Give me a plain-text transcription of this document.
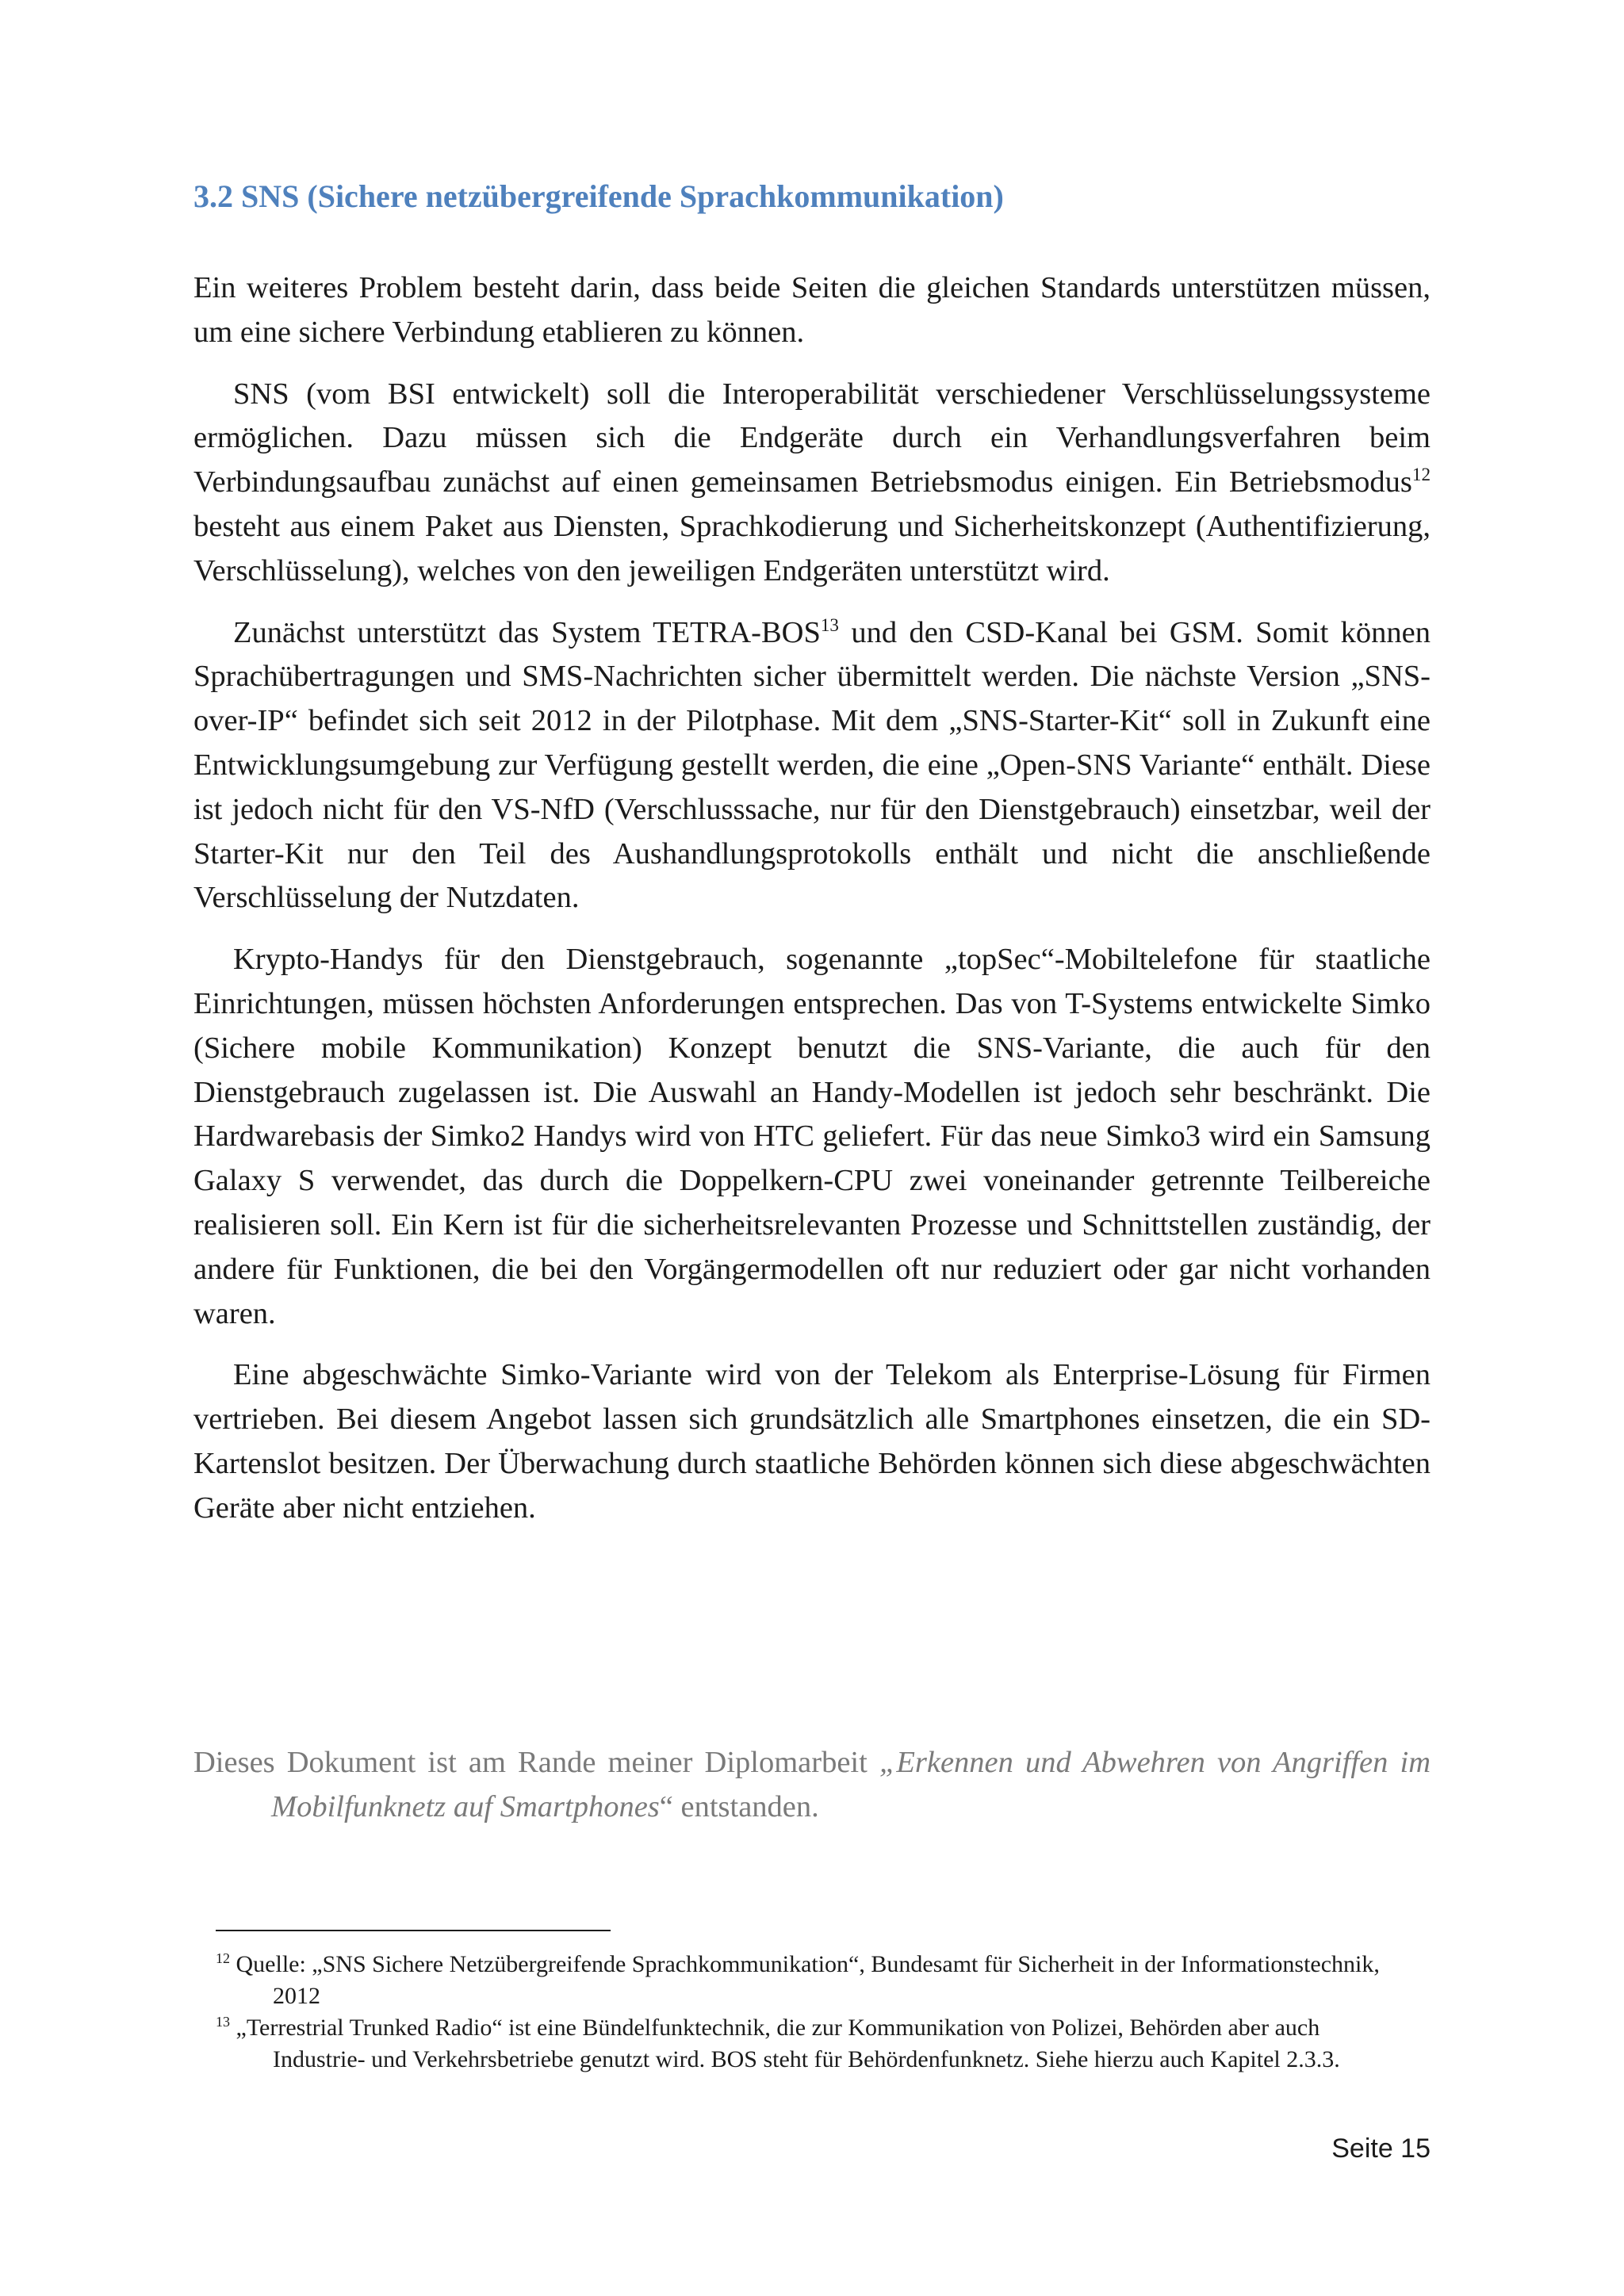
3.2 SNS (Sichere netzübergreifende Sprachkommunikation)

Ein weiteres Problem besteht darin, dass beide Seiten die gleichen Standards unterstützen müssen, um eine sichere Verbindung etablieren zu können.

SNS (vom BSI entwickelt) soll die Interoperabilität verschiedener Verschlüsselungssysteme ermöglichen. Dazu müssen sich die Endgeräte durch ein Verhandlungsverfahren beim Verbindungsaufbau zunächst auf einen gemeinsamen Betriebsmodus einigen. Ein Betriebsmodus$^{12}$ besteht aus einem Paket aus Diensten, Sprachkodierung und Sicherheitskonzept (Authentifizierung, Verschlüsselung), welches von den jeweiligen Endgeräten unterstützt wird.

Zunächst unterstützt das System TETRA-BOS$^{13}$ und den CSD-Kanal bei GSM. Somit können Sprachübertragungen und SMS-Nachrichten sicher übermittelt werden. Die nächste Version „SNS-over-IP“ befindet sich seit 2012 in der Pilotphase. Mit dem „SNS-Starter-Kit“ soll in Zukunft eine Entwicklungsumgebung zur Verfügung gestellt werden, die eine „Open-SNS Variante“ enthält. Diese ist jedoch nicht für den VS-NfD (Verschlusssache, nur für den Dienstgebrauch) einsetzbar, weil der Starter-Kit nur den Teil des Aushandlungsprotokolls enthält und nicht die anschließende Verschlüsselung der Nutzdaten.

Krypto-Handys für den Dienstgebrauch, sogenannte „topSec“-Mobiltelefone für staatliche Einrichtungen, müssen höchsten Anforderungen entsprechen. Das von T-Systems entwickelte Simko (Sichere mobile Kommunikation) Konzept benutzt die SNS-Variante, die auch für den Dienstgebrauch zugelassen ist. Die Auswahl an Handy-Modellen ist jedoch sehr beschränkt. Die Hardwarebasis der Simko2 Handys wird von HTC geliefert. Für das neue Simko3 wird ein Samsung Galaxy S verwendet, das durch die Doppelkern-CPU zwei voneinander getrennte Teilbereiche realisieren soll. Ein Kern ist für die sicherheitsrelevanten Prozesse und Schnittstellen zuständig, der andere für Funktionen, die bei den Vorgängermodellen oft nur reduziert oder gar nicht vorhanden waren.

Eine abgeschwächte Simko-Variante wird von der Telekom als Enterprise-Lösung für Firmen vertrieben. Bei diesem Angebot lassen sich grundsätzlich alle Smartphones einsetzen, die ein SD-Kartenslot besitzen. Der Überwachung durch staatliche Behörden können sich diese abgeschwächten Geräte aber nicht entziehen.

Dieses Dokument ist am Rande meiner Diplomarbeit „Erkennen und Abwehren von Angriffen im Mobilfunknetz auf Smartphones“ entstanden.

$^{12}$ Quelle: „SNS Sichere Netzübergreifende Sprachkommunikation“, Bundesamt für Sicherheit in der Informationstechnik, 2012

$^{13}$ „Terrestrial Trunked Radio“ ist eine Bündelfunktechnik, die zur Kommunikation von Polizei, Behörden aber auch Industrie- und Verkehrsbetriebe genutzt wird. BOS steht für Behördenfunknetz. Siehe hierzu auch Kapitel 2.3.3.

Seite 15
